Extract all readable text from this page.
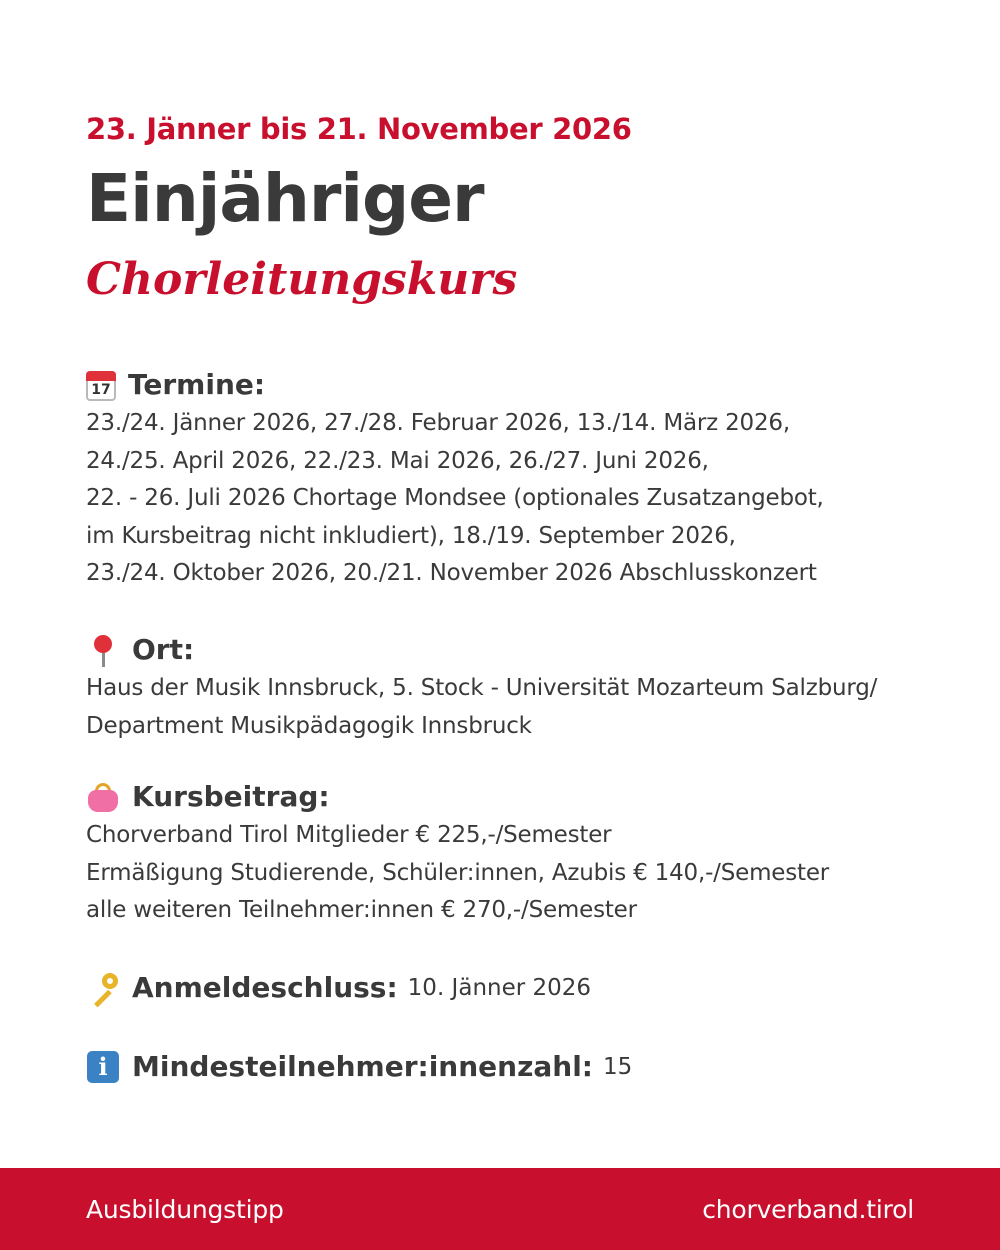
23. Jänner bis 21. November 2026
Einjähriger
Chorleitungskurs
17 Termine:
23./24. Jänner 2026, 27./28. Februar 2026, 13./14. März 2026,
24./25. April 2026, 22./23. Mai 2026, 26./27. Juni 2026,
22. - 26. Juli 2026 Chortage Mondsee (optionales Zusatzangebot,
im Kursbeitrag nicht inkludiert), 18./19. September 2026,
23./24. Oktober 2026, 20./21. November 2026 Abschlusskonzert
Ort:
Haus der Musik Innsbruck, 5. Stock - Universität Mozarteum Salzburg/
Department Musikpädagogik Innsbruck
Kursbeitrag:
Chorverband Tirol Mitglieder € 225,-/Semester
Ermäßigung Studierende, Schüler:innen, Azubis € 140,-/Semester
alle weiteren Teilnehmer:innen € 270,-/Semester
Anmeldeschluss: 10. Jänner 2026
i Mindesteilnehmer:innenzahl: 15
Ausbildungstipp	chorverband.tirol
